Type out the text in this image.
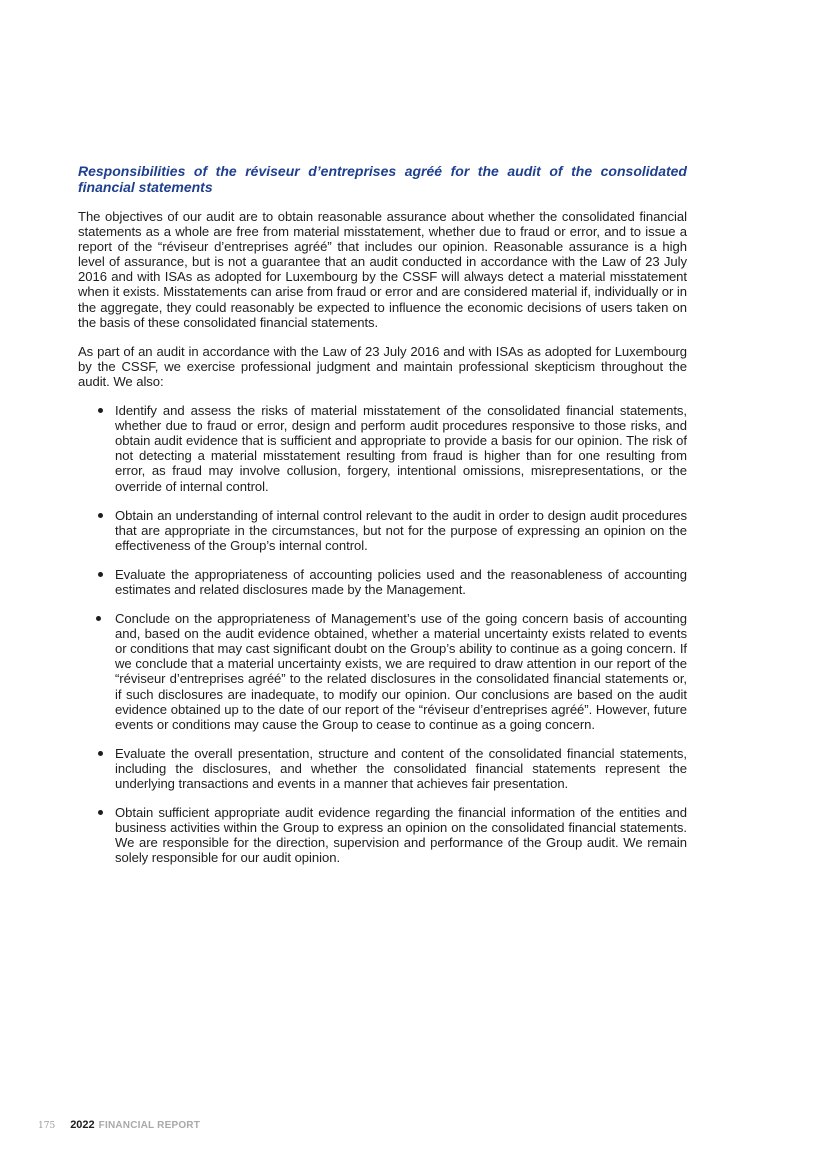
Responsibilities of the réviseur d’entreprises agréé for the audit of the consolidated financial statements

The objectives of our audit are to obtain reasonable assurance about whether the consolidated financial statements as a whole are free from material misstatement, whether due to fraud or error, and to issue a report of the “réviseur d’entreprises agréé” that includes our opinion. Reasonable assurance is a high level of assurance, but is not a guarantee that an audit conducted in accordance with the Law of 23 July 2016 and with ISAs as adopted for Luxembourg by the CSSF will always detect a material misstatement when it exists. Misstatements can arise from fraud or error and are considered material if, individually or in the aggregate, they could reasonably be expected to influence the economic decisions of users taken on the basis of these consolidated financial statements.

As part of an audit in accordance with the Law of 23 July 2016 and with ISAs as adopted for Luxembourg by the CSSF, we exercise professional judgment and maintain professional skepticism throughout the audit. We also:

Identify and assess the risks of material misstatement of the consolidated financial statements, whether due to fraud or error, design and perform audit procedures responsive to those risks, and obtain audit evidence that is sufficient and appropriate to provide a basis for our opinion. The risk of not detecting a material misstatement resulting from fraud is higher than for one resulting from error, as fraud may involve collusion, forgery, intentional omissions, misrepresentations, or the override of internal control.
Obtain an understanding of internal control relevant to the audit in order to design audit procedures that are appropriate in the circumstances, but not for the purpose of expressing an opinion on the effectiveness of the Group’s internal control.
Evaluate the appropriateness of accounting policies used and the reasonableness of accounting estimates and related disclosures made by the Management.
Conclude on the appropriateness of Management’s use of the going concern basis of accounting and, based on the audit evidence obtained, whether a material uncertainty exists related to events or conditions that may cast significant doubt on the Group’s ability to continue as a going concern. If we conclude that a material uncertainty exists, we are required to draw attention in our report of the “réviseur d’entreprises agréé” to the related disclosures in the consolidated financial statements or, if such disclosures are inadequate, to modify our opinion. Our conclusions are based on the audit evidence obtained up to the date of our report of the “réviseur d’entreprises agréé”. However, future events or conditions may cause the Group to cease to continue as a going concern.
Evaluate the overall presentation, structure and content of the consolidated financial statements, including the disclosures, and whether the consolidated financial statements represent the underlying transactions and events in a manner that achieves fair presentation.
Obtain sufficient appropriate audit evidence regarding the financial information of the entities and business activities within the Group to express an opinion on the consolidated financial statements. We are responsible for the direction, supervision and performance of the Group audit. We remain solely responsible for our audit opinion.
175 2022 FINANCIAL REPORT
